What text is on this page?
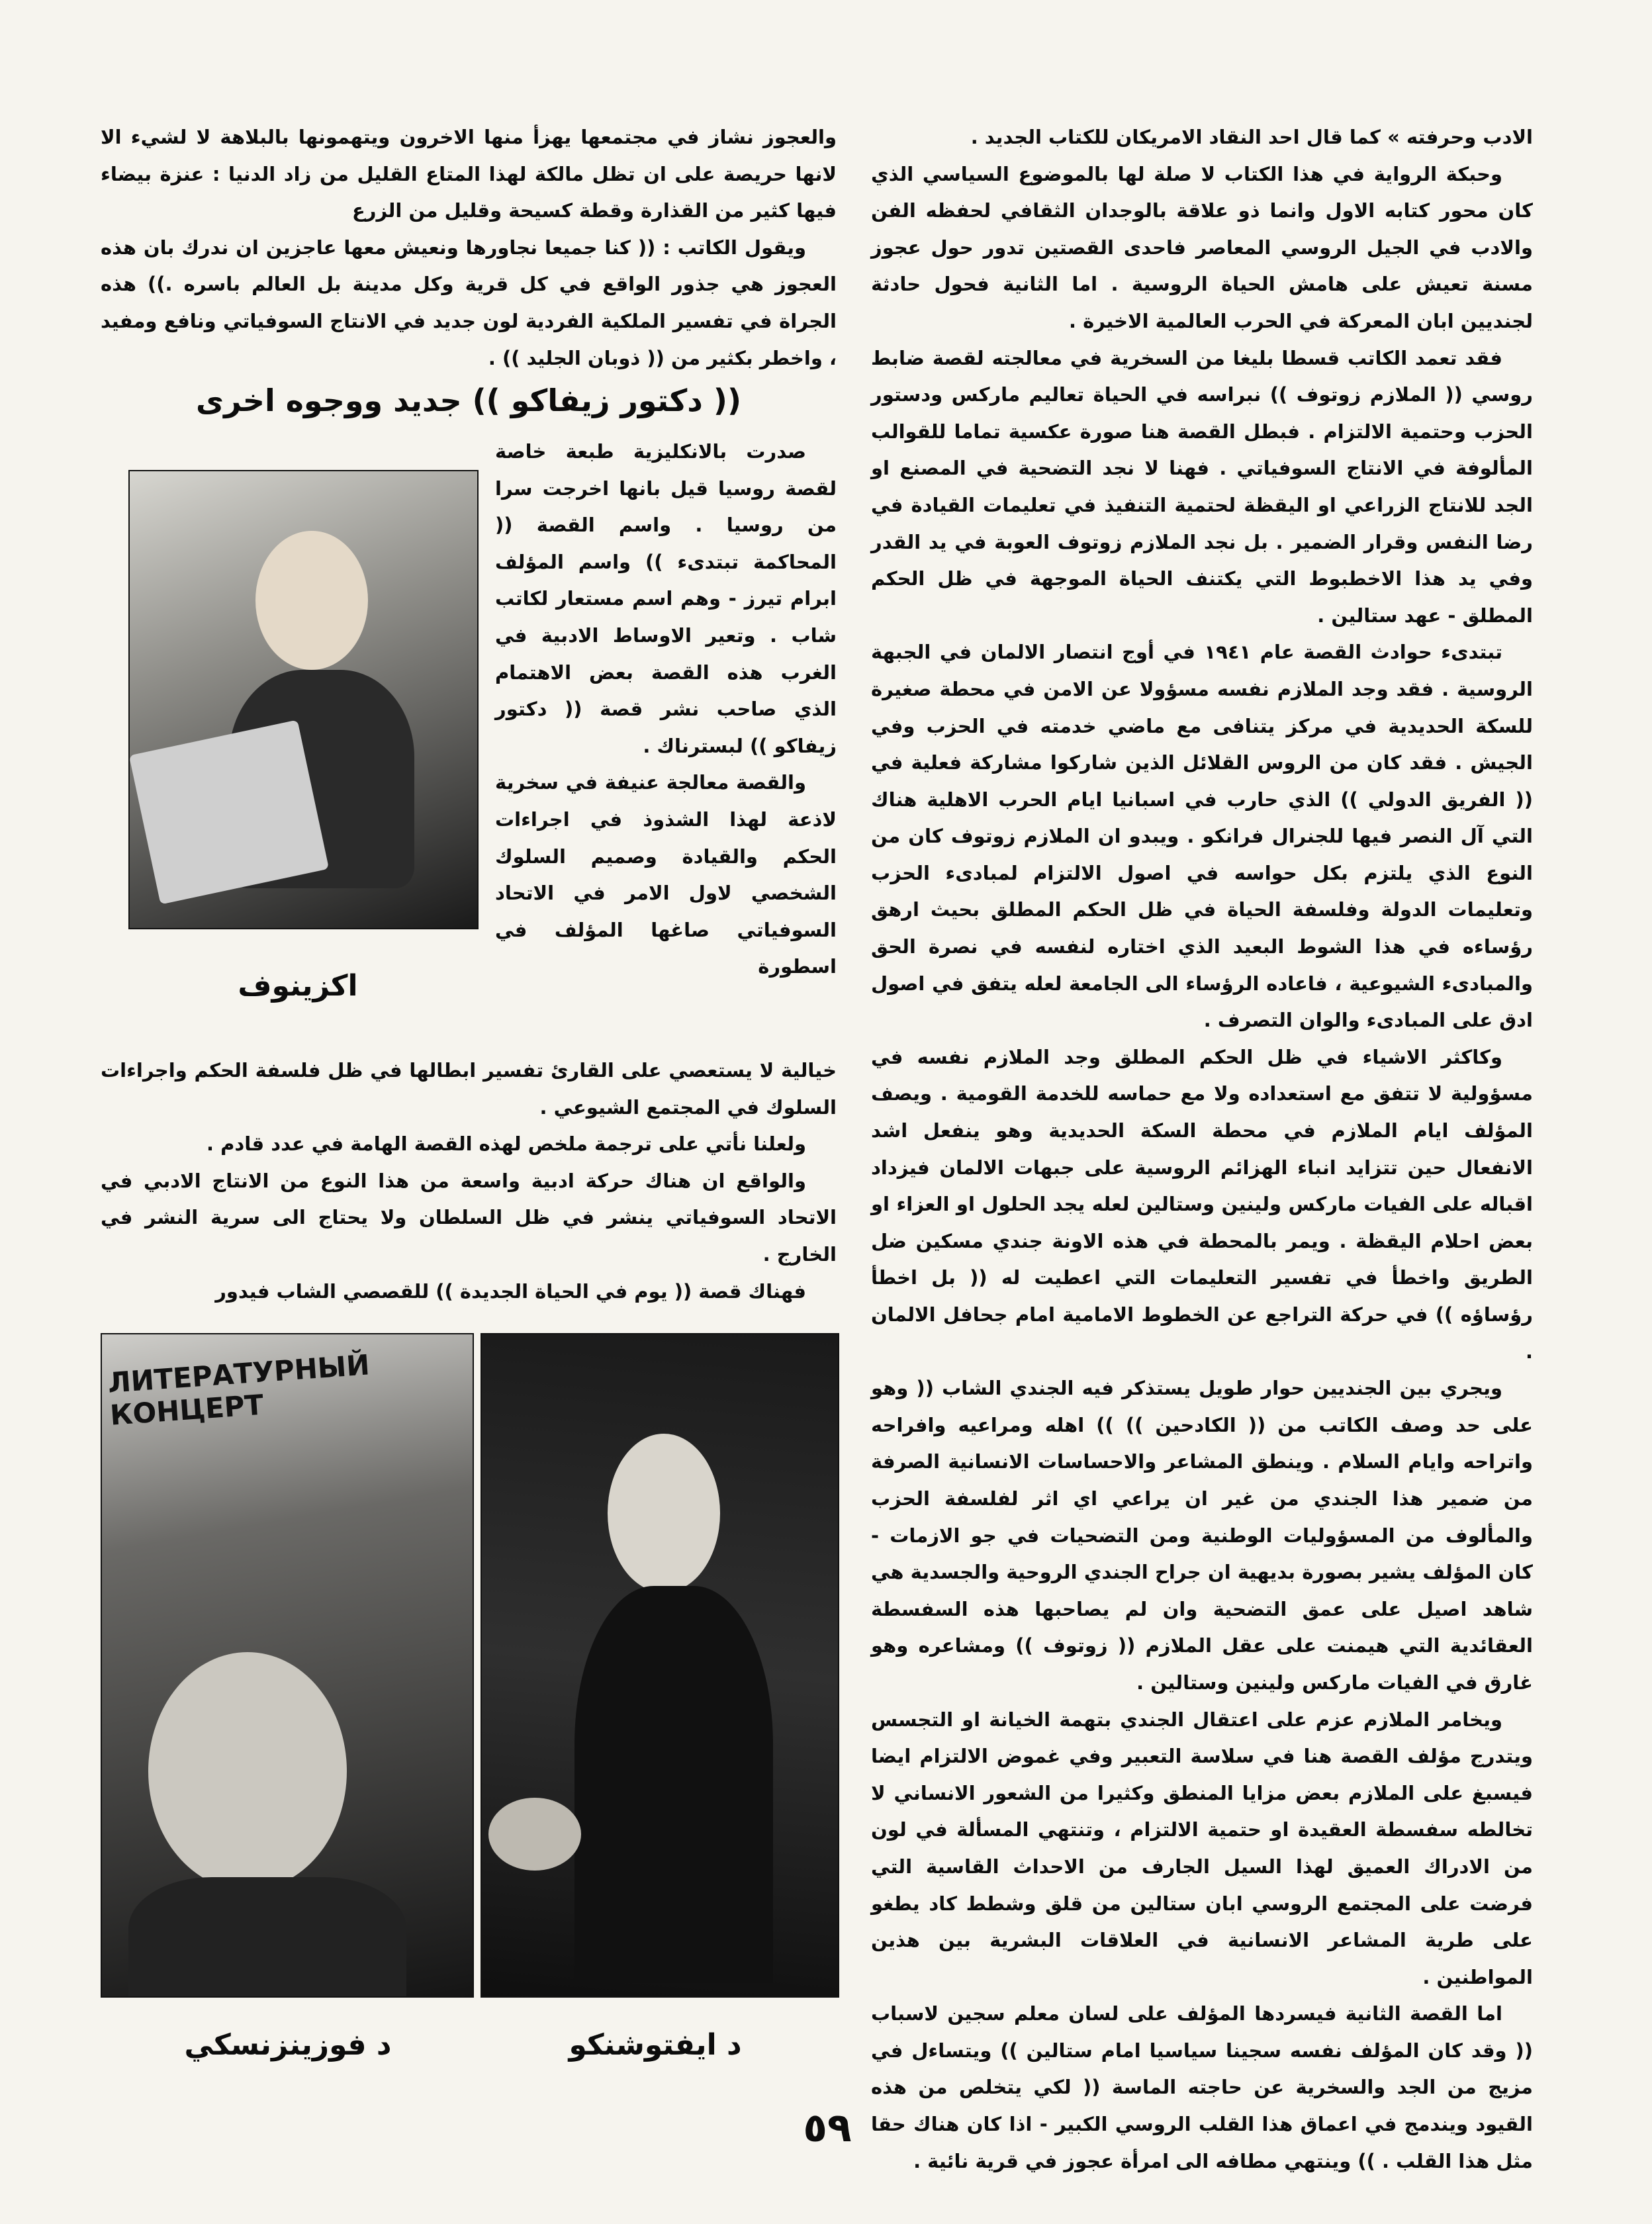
الادب وحرفته » كما قال احد النقاد الامريكان للكتاب الجديد .

وحبكة الرواية في هذا الكتاب لا صلة لها بالموضوع السياسي الذي كان محور كتابه الاول وانما ذو علاقة بالوجدان الثقافي لحفظه الفن والادب في الجيل الروسي المعاصر فاحدى القصتين تدور حول عجوز مسنة تعيش على هامش الحياة الروسية . اما الثانية فحول حادثة لجنديين ابان المعركة في الحرب العالمية الاخيرة .

فقد تعمد الكاتب قسطا بليغا من السخرية في معالجته لقصة ضابط روسي (( الملازم زوتوف )) نبراسه في الحياة تعاليم ماركس ودستور الحزب وحتمية الالتزام . فبطل القصة هنا صورة عكسية تماما للقوالب المألوفة في الانتاج السوفياتي . فهنا لا نجد التضحية في المصنع او الجد للانتاج الزراعي او اليقظة لحتمية التنفيذ في تعليمات القيادة في رضا النفس وقرار الضمير . بل نجد الملازم زوتوف العوبة في يد القدر وفي يد هذا الاخطبوط التي يكتنف الحياة الموجهة في ظل الحكم المطلق - عهد ستالين .

تبتدىء حوادث القصة عام ١٩٤١ في أوج انتصار الالمان في الجبهة الروسية . فقد وجد الملازم نفسه مسؤولا عن الامن في محطة صغيرة للسكة الحديدية في مركز يتنافى مع ماضي خدمته في الحزب وفي الجيش . فقد كان من الروس القلائل الذين شاركوا مشاركة فعلية في (( الفريق الدولي )) الذي حارب في اسبانيا ايام الحرب الاهلية هناك التي آل النصر فيها للجنرال فرانكو . ويبدو ان الملازم زوتوف كان من النوع الذي يلتزم بكل حواسه في اصول الالتزام لمبادىء الحزب وتعليمات الدولة وفلسفة الحياة في ظل الحكم المطلق بحيث ارهق رؤساءه في هذا الشوط البعيد الذي اختاره لنفسه في نصرة الحق والمبادىء الشيوعية ، فاعاده الرؤساء الى الجامعة لعله يتفق في اصول ادق على المبادىء والوان التصرف .

وكاكثر الاشياء في ظل الحكم المطلق وجد الملازم نفسه في مسؤولية لا تتفق مع استعداده ولا مع حماسه للخدمة القومية . ويصف المؤلف ايام الملازم في محطة السكة الحديدية وهو ينفعل اشد الانفعال حين تتزايد انباء الهزائم الروسية على جبهات الالمان فيزداد اقباله على الفيات ماركس ولينين وستالين لعله يجد الحلول او العزاء او بعض احلام اليقظة . ويمر بالمحطة في هذه الاونة جندي مسكين ضل الطريق واخطأ في تفسير التعليمات التي اعطيت له (( بل اخطأ رؤساؤه )) في حركة التراجع عن الخطوط الامامية امام جحافل الالمان .

ويجري بين الجنديين حوار طويل يستذكر فيه الجندي الشاب (( وهو على حد وصف الكاتب من (( الكادحين )) )) اهله ومراعيه وافراحه واتراحه وايام السلام . وينطق المشاعر والاحساسات الانسانية الصرفة من ضمير هذا الجندي من غير ان يراعي اي اثر لفلسفة الحزب والمألوف من المسؤوليات الوطنية ومن التضحيات في جو الازمات - كان المؤلف يشير بصورة بديهية ان جراح الجندي الروحية والجسدية هي شاهد اصيل على عمق التضحية وان لم يصاحبها هذه السفسطة العقائدية التي هيمنت على عقل الملازم (( زوتوف )) ومشاعره وهو غارق في الفيات ماركس ولينين وستالين .

ويخامر الملازم عزم على اعتقال الجندي بتهمة الخيانة او التجسس ويتدرج مؤلف القصة هنا في سلاسة التعبير وفي غموض الالتزام ايضا فيسبغ على الملازم بعض مزايا المنطق وكثيرا من الشعور الانساني لا تخالطه سفسطة العقيدة او حتمية الالتزام ، وتنتهي المسألة في لون من الادراك العميق لهذا السيل الجارف من الاحداث القاسية التي فرضت على المجتمع الروسي ابان ستالين من قلق وشطط كاد يطغو على طرية المشاعر الانسانية في العلاقات البشرية بين هذين المواطنين .

اما القصة الثانية فيسردها المؤلف على لسان معلم سجين لاسباب (( وقد كان المؤلف نفسه سجينا سياسيا امام ستالين )) ويتساءل في مزيج من الجد والسخرية عن حاجته الماسة (( لكي يتخلص من هذه القيود ويندمج في اعماق هذا القلب الروسي الكبير - اذا كان هناك حقا مثل هذا القلب . )) وينتهي مطافه الى امرأة عجوز في قرية نائية .

والعجوز نشاز في مجتمعها يهزأ منها الاخرون ويتهمونها بالبلاهة لا لشيء الا لانها حريصة على ان تظل مالكة لهذا المتاع القليل من زاد الدنيا : عنزة بيضاء فيها كثير من القذارة وقطة كسيحة وقليل من الزرع

ويقول الكاتب : (( كنا جميعا نجاورها ونعيش معها عاجزين ان ندرك بان هذه العجوز هي جذور الواقع في كل قرية وكل مدينة بل العالم باسره .)) هذه الجراة في تفسير الملكية الفردية لون جديد في الانتاج السوفياتي ونافع ومفيد ، واخطر بكثير من (( ذوبان الجليد )) .

(( دكتور زيفاكو )) جديد ووجوه اخرى

صدرت بالانكليزية طبعة خاصة لقصة روسيا قيل بانها اخرجت سرا من روسيا . واسم القصة (( المحاكمة تبتدىء )) واسم المؤلف ابرام تيرز - وهم اسم مستعار لكاتب شاب . وتعير الاوساط الادبية في الغرب هذه القصة بعض الاهتمام الذي صاحب نشر قصة (( دكتور زيفاكو )) لبسترناك .

والقصة معالجة عنيفة في سخرية لاذعة لهذا الشذوذ في اجراءات الحكم والقيادة وصميم السلوك الشخصي لاول الامر في الاتحاد السوفياتي صاغها المؤلف في اسطورة

اكزينوف

خيالية لا يستعصي على القارئ تفسير ابطالها في ظل فلسفة الحكم واجراءات السلوك في المجتمع الشيوعي .

ولعلنا نأتي على ترجمة ملخص لهذه القصة الهامة في عدد قادم .

والواقع ان هناك حركة ادبية واسعة من هذا النوع من الانتاج الادبي في الاتحاد السوفياتي ينشر في ظل السلطان ولا يحتاج الى سرية النشر في الخارج .

فهناك قصة (( يوم في الحياة الجديدة )) للقصصي الشاب فيدور

ЛИТЕРАТУРНЫЙ КОНЦЕРТ
د فوزينزنسكي	د ايفتوشنكو
٥٩
